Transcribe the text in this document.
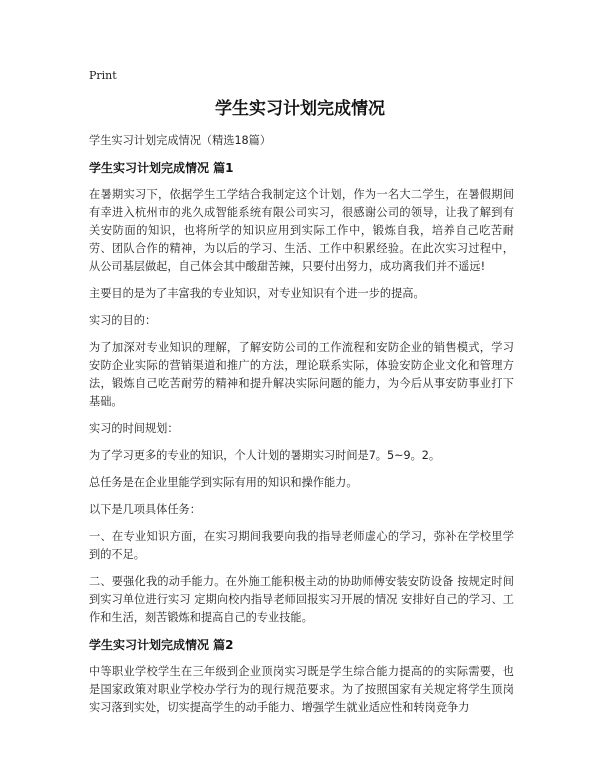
Print
学生实习计划完成情况

学生实习计划完成情况（精选18篇）

学生实习计划完成情况 篇1

在暑期实习下，依据学生工学结合我制定这个计划，作为一名大二学生，在暑假期间有幸进入杭州市的兆久成智能系统有限公司实习，很感谢公司的领导，让我了解到有关安防面的知识，也将所学的知识应用到实际工作中，锻炼自我，培养自己吃苦耐劳、团队合作的精神，为以后的学习、生活、工作中积累经验。在此次实习过程中，从公司基层做起，自己体会其中酸甜苦辣，只要付出努力，成功离我们并不遥远!

主要目的是为了丰富我的专业知识，对专业知识有个进一步的提高。

实习的目的：

为了加深对专业知识的理解，了解安防公司的工作流程和安防企业的销售模式，学习安防企业实际的营销渠道和推广的方法，理论联系实际，体验安防企业文化和管理方法，锻炼自己吃苦耐劳的精神和提升解决实际问题的能力，为今后从事安防事业打下基础。

实习的时间规划：

为了学习更多的专业的知识，个人计划的暑期实习时间是7。5~9。2。

总任务是在企业里能学到实际有用的知识和操作能力。

以下是几项具体任务：

一、在专业知识方面，在实习期间我要向我的指导老师虚心的学习，弥补在学校里学到的不足。

二、要强化我的动手能力。在外施工能积极主动的协助师傅安装安防设备 按规定时间到实习单位进行实习 定期向校内指导老师回报实习开展的情况 安排好自己的学习、工作和生活，刻苦锻炼和提高自己的专业技能。

学生实习计划完成情况 篇2

中等职业学校学生在三年级到企业顶岗实习既是学生综合能力提高的的实际需要，也是国家政策对职业学校办学行为的现行规范要求。为了按照国家有关规定将学生顶岗实习落到实处，切实提高学生的动手能力、增强学生就业适应性和转岗竞争力
